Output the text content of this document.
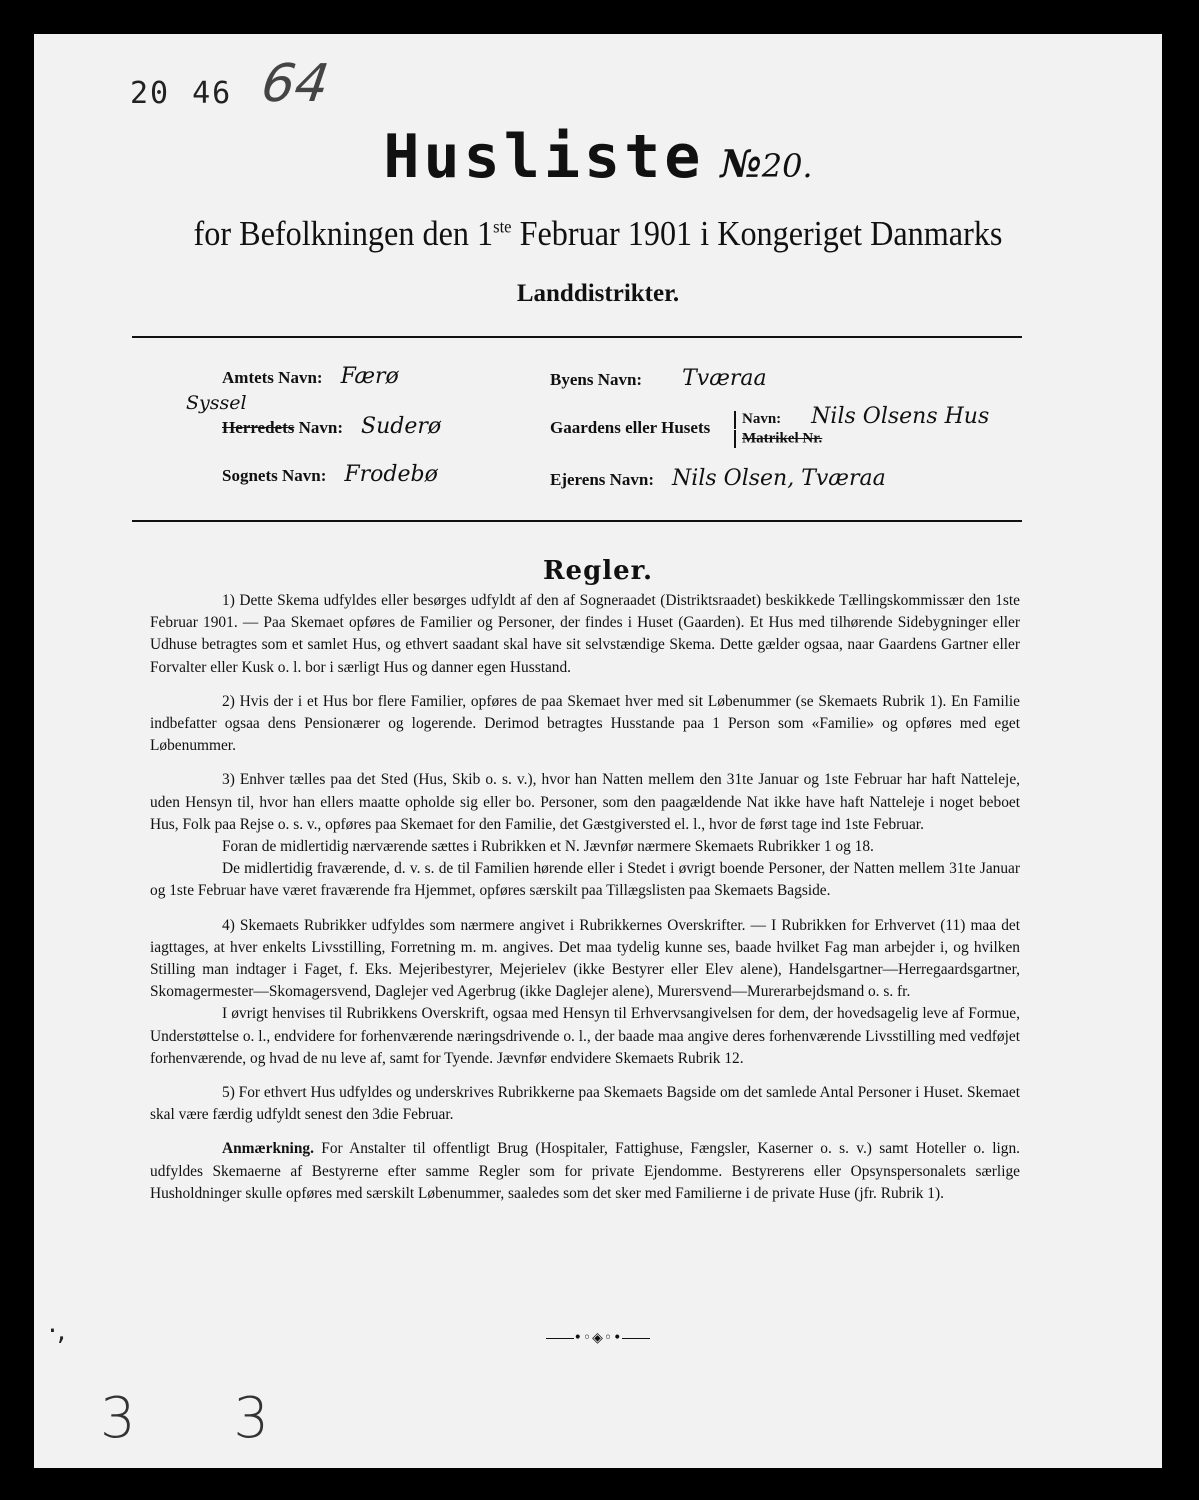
20 46 64
Husliste №20.
for Befolkningen den 1ste Februar 1901 i Kongeriget Danmarks
Landdistrikter.
Amtets Navn: Færø
Syssel
Herredets Navn: Suderø
Sognets Navn: Frodebø
Byens Navn: Tværaa
Gaardens eller Husets	Navn: Nils Olsens Hus
Matrikel Nr.
Ejerens Navn: Nils Olsen, Tværaa
Regler.

1) Dette Skema udfyldes eller besørges udfyldt af den af Sogneraadet (Distriktsraadet) beskikkede Tællingskommissær den 1ste Februar 1901. — Paa Skemaet opføres de Familier og Personer, der findes i Huset (Gaarden). Et Hus med tilhørende Sidebygninger eller Udhuse betragtes som et samlet Hus, og ethvert saadant skal have sit selvstændige Skema. Dette gælder ogsaa, naar Gaardens Gartner eller Forvalter eller Kusk o. l. bor i særligt Hus og danner egen Husstand.

2) Hvis der i et Hus bor flere Familier, opføres de paa Skemaet hver med sit Løbenummer (se Skemaets Rubrik 1). En Familie indbefatter ogsaa dens Pensionærer og logerende. Derimod betragtes Husstande paa 1 Person som «Familie» og opføres med eget Løbenummer.

3) Enhver tælles paa det Sted (Hus, Skib o. s. v.), hvor han Natten mellem den 31te Januar og 1ste Februar har haft Natteleje, uden Hensyn til, hvor han ellers maatte opholde sig eller bo. Personer, som den paagældende Nat ikke have haft Natteleje i noget beboet Hus, Folk paa Rejse o. s. v., opføres paa Skemaet for den Familie, det Gæstgiversted el. l., hvor de først tage ind 1ste Februar.

Foran de midlertidig nærværende sættes i Rubrikken et N. Jævnfør nærmere Skemaets Rubrikker 1 og 18.

De midlertidig fraværende, d. v. s. de til Familien hørende eller i Stedet i øvrigt boende Personer, der Natten mellem 31te Januar og 1ste Februar have været fraværende fra Hjemmet, opføres særskilt paa Tillægslisten paa Skemaets Bagside.

4) Skemaets Rubrikker udfyldes som nærmere angivet i Rubrikkernes Overskrifter. — I Rubrikken for Erhvervet (11) maa det iagttages, at hver enkelts Livsstilling, Forretning m. m. angives. Det maa tydelig kunne ses, baade hvilket Fag man arbejder i, og hvilken Stilling man indtager i Faget, f. Eks. Mejeribestyrer, Mejerielev (ikke Bestyrer eller Elev alene), Handelsgartner—Herregaardsgartner, Skomagermester—Skomagersvend, Daglejer ved Agerbrug (ikke Daglejer alene), Murersvend—Murerarbejdsmand o. s. fr.

I øvrigt henvises til Rubrikkens Overskrift, ogsaa med Hensyn til Erhvervsangivelsen for dem, der hovedsagelig leve af Formue, Understøttelse o. l., endvidere for forhenværende næringsdrivende o. l., der baade maa angive deres forhenværende Livsstilling med vedføjet forhenværende, og hvad de nu leve af, samt for Tyende. Jævnfør endvidere Skemaets Rubrik 12.

5) For ethvert Hus udfyldes og underskrives Rubrikkerne paa Skemaets Bagside om det samlede Antal Personer i Huset. Skemaet skal være færdig udfyldt senest den 3die Februar.

Anmærkning. For Anstalter til offentligt Brug (Hospitaler, Fattighuse, Fængsler, Kaserner o. s. v.) samt Hoteller o. lign. udfyldes Skemaerne af Bestyrerne efter samme Regler som for private Ejendomme. Bestyrerens eller Opsynspersonalets særlige Husholdninger skulle opføres med særskilt Løbenummer, saaledes som det sker med Familierne i de private Huse (jfr. Rubrik 1).

•◦◈◦•
·,
3 3
